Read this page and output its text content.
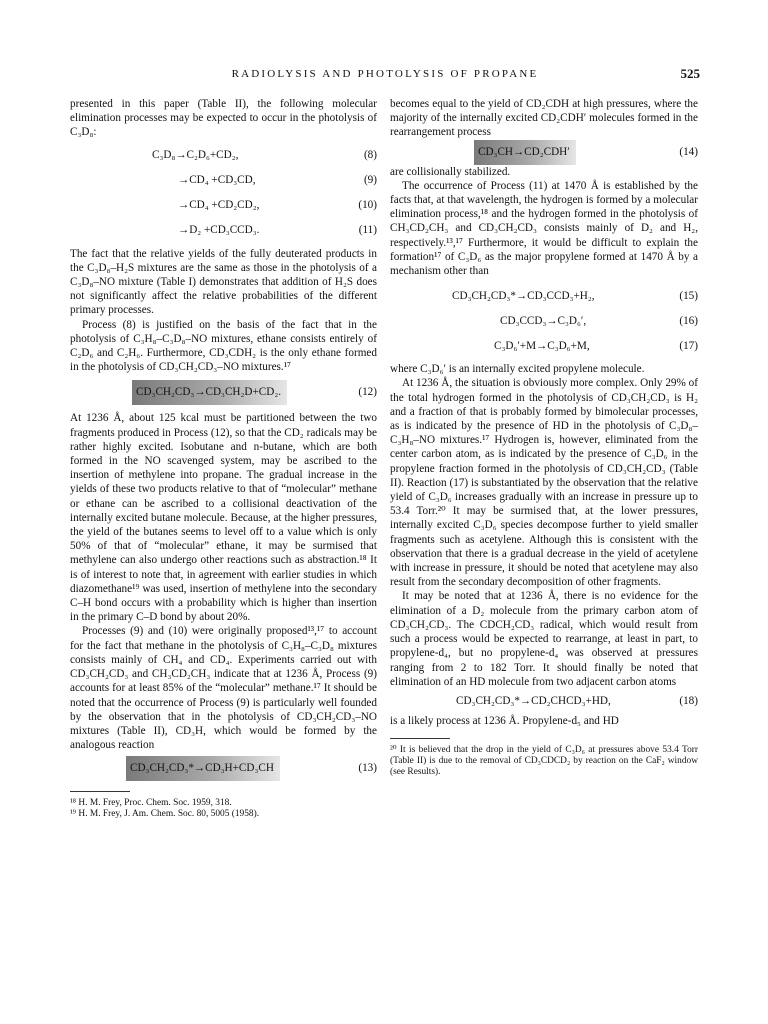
RADIOLYSIS AND PHOTOLYSIS OF PROPANE	525

presented in this paper (Table II), the following molecular elimination processes may be expected to occur in the photolysis of C₃D₈:

C₃D₈→C₂D₆+CD₂,	(8)
→CD₄ +CD₃CD,	(9)
→CD₄ +CD₂CD₂,	(10)
→D₂ +CD₃CCD₃.	(11)

The fact that the relative yields of the fully deuterated products in the C₃D₈–H₂S mixtures are the same as those in the photolysis of a C₃D₈–NO mixture (Table I) demonstrates that addition of H₂S does not significantly affect the relative probabilities of the different primary processes.

Process (8) is justified on the basis of the fact that in the photolysis of C₃H₈–C₃D₈–NO mixtures, ethane consists entirely of C₂D₆ and C₂H₆. Furthermore, CD₃CDH₂ is the only ethane formed in the photolysis of CD₃CH₂CD₃–NO mixtures.¹⁷

CD₃CH₂CD₃→CD₃CH₂D+CD₂.	(12)

At 1236 Å, about 125 kcal must be partitioned between the two fragments produced in Process (12), so that the CD₂ radicals may be rather highly excited. Isobutane and n-butane, which are both formed in the NO scavenged system, may be ascribed to the insertion of methylene into propane. The gradual increase in the yields of these two products relative to that of “molecular” methane or ethane can be ascribed to a collisional deactivation of the internally excited butane molecule. Because, at the higher pressures, the yield of the butanes seems to level off to a value which is only 50% of that of “molecular” ethane, it may be surmised that methylene can also undergo other reactions such as abstraction.¹⁸ It is of interest to note that, in agreement with earlier studies in which diazomethane¹⁹ was used, insertion of methylene into the secondary C–H bond occurs with a probability which is higher than insertion in the primary C–D bond by about 20%.

Processes (9) and (10) were originally proposed¹³,¹⁷ to account for the fact that methane in the photolysis of C₃H₈–C₃D₈ mixtures consists mainly of CH₄ and CD₄. Experiments carried out with CD₃CH₂CD₃ and CH₃CD₂CH₃ indicate that at 1236 Å, Process (9) accounts for at least 85% of the “molecular” methane.¹⁷ It should be noted that the occurrence of Process (9) is particularly well founded by the observation that in the photolysis of CD₃CH₂CD₃–NO mixtures (Table II), CD₃H, which would be formed by the analogous reaction

CD₃CH₂CD₃*→CD₃H+CD₃CH	(13)

¹⁸ H. M. Frey, Proc. Chem. Soc. 1959, 318.

¹⁹ H. M. Frey, J. Am. Chem. Soc. 80, 5005 (1958).

becomes equal to the yield of CD₂CDH at high pressures, where the majority of the internally excited CD₂CDH′ molecules formed in the rearrangement process

CD₃CH→CD₂CDH′	(14)

are collisionally stabilized.

The occurrence of Process (11) at 1470 Å is established by the facts that, at that wavelength, the hydrogen is formed by a molecular elimination process,¹⁸ and the hydrogen formed in the photolysis of CH₃CD₂CH₃ and CD₃CH₂CD₃ consists mainly of D₂ and H₂, respectively.¹³,¹⁷ Furthermore, it would be difficult to explain the formation¹⁷ of C₃D₆ as the major propylene formed at 1470 Å by a mechanism other than

CD₃CH₂CD₃*→CD₃CCD₃+H₂,	(15)
CD₃CCD₃→C₃D₆′,	(16)
C₃D₆′+M→C₃D₆+M,	(17)

where C₃D₆′ is an internally excited propylene molecule.

At 1236 Å, the situation is obviously more complex. Only 29% of the total hydrogen formed in the photolysis of CD₃CH₂CD₃ is H₂ and a fraction of that is probably formed by bimolecular processes, as is indicated by the presence of HD in the photolysis of C₃D₈–C₃H₈–NO mixtures.¹⁷ Hydrogen is, however, eliminated from the center carbon atom, as is indicated by the presence of C₃D₆ in the propylene fraction formed in the photolysis of CD₃CH₂CD₃ (Table II). Reaction (17) is substantiated by the observation that the relative yield of C₃D₆ increases gradually with an increase in pressure up to 53.4 Torr.²⁰ It may be surmised that, at the lower pressures, internally excited C₃D₆ species decompose further to yield smaller fragments such as acetylene. Although this is consistent with the observation that there is a gradual decrease in the yield of acetylene with increase in pressure, it should be noted that acetylene may also result from the secondary decomposition of other fragments.

It may be noted that at 1236 Å, there is no evidence for the elimination of a D₂ molecule from the primary carbon atom of CD₃CH₂CD₃. The CDCH₂CD₃ radical, which would result from such a process would be expected to rearrange, at least in part, to propylene-d₄, but no propylene-d₄ was observed at pressures ranging from 2 to 182 Torr. It should finally be noted that elimination of an HD molecule from two adjacent carbon atoms

CD₃CH₂CD₃*→CD₂CHCD₃+HD,	(18)

is a likely process at 1236 Å. Propylene-d₅ and HD

²⁰ It is believed that the drop in the yield of C₃D₆ at pressures above 53.4 Torr (Table II) is due to the removal of CD₃CDCD₂ by reaction on the CaF₂ window (see Results).
